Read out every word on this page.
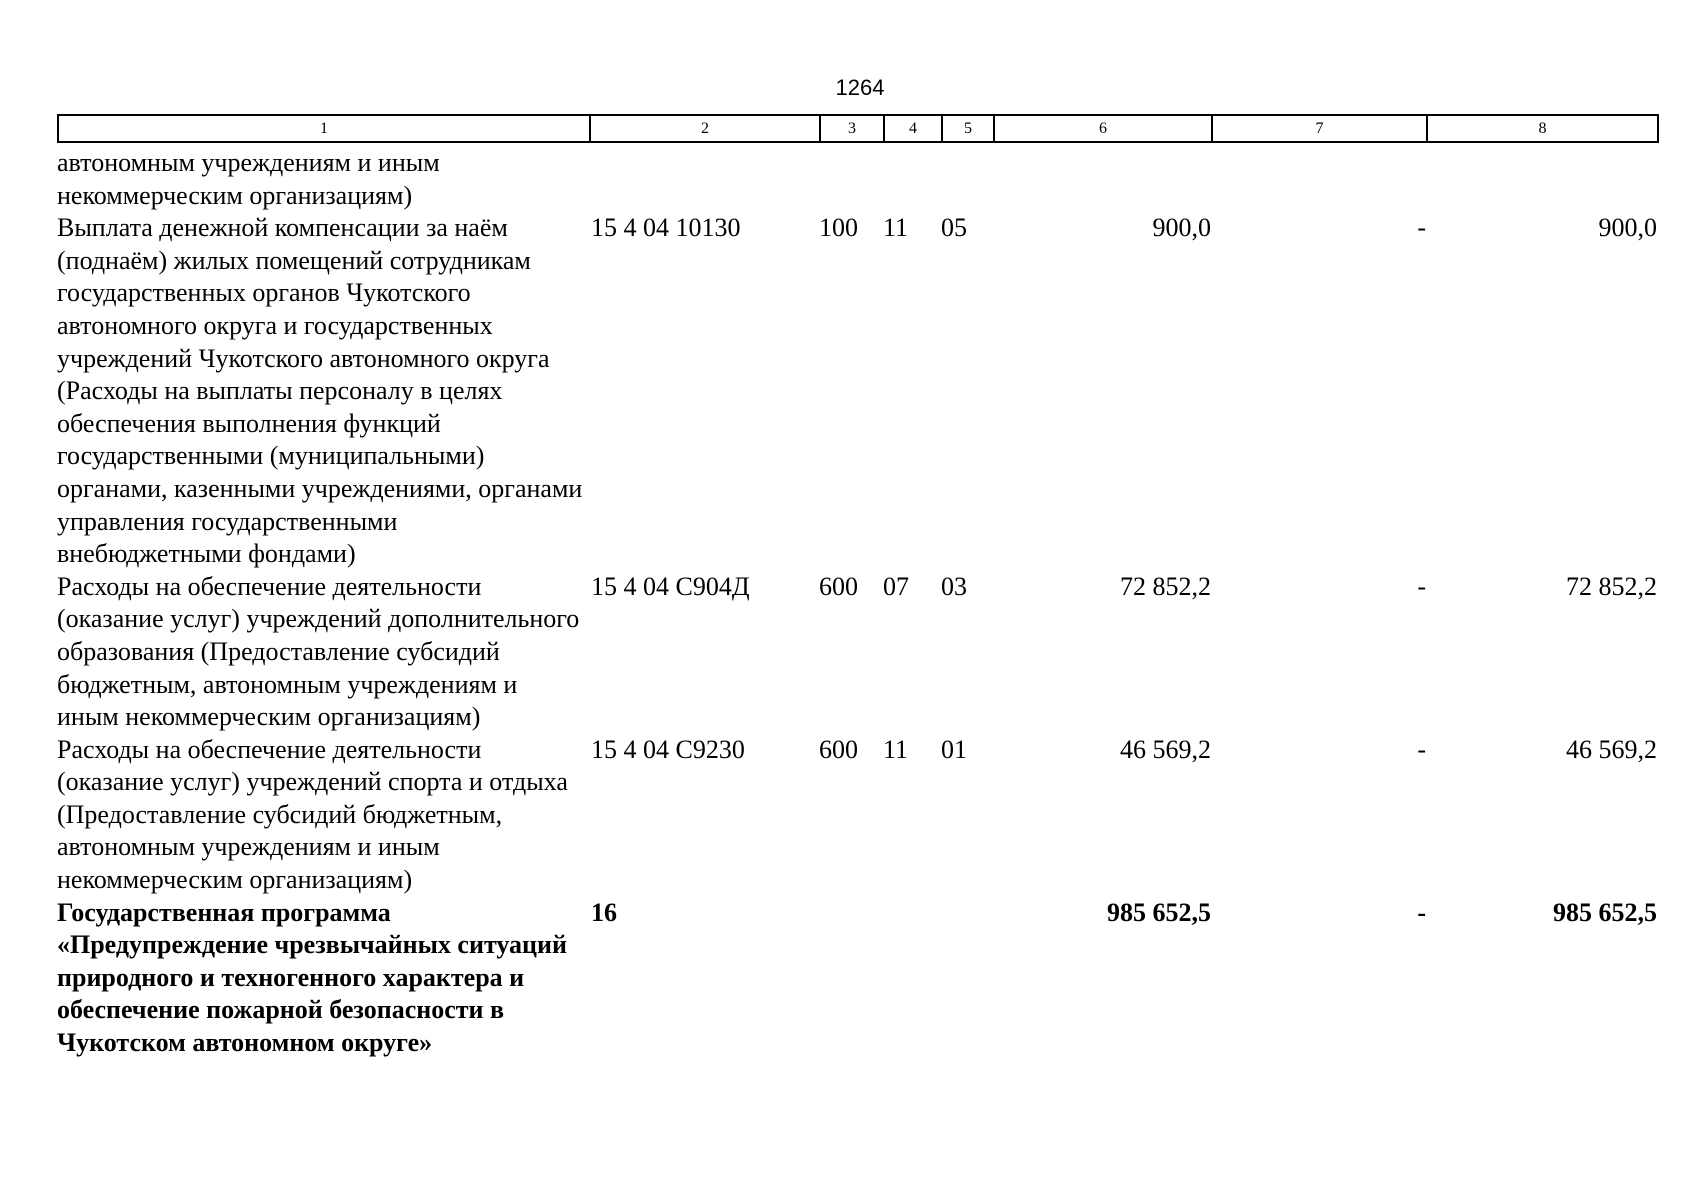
1264
1	2	3	4	5	6	7	8
автономным учреждениям и иным некоммерческим организациям)							
Выплата денежной компенсации за наём (поднаём) жилых помещений сотрудникам государственных органов Чукотского автономного округа и государственных учреждений Чукотского автономного округа (Расходы на выплаты персоналу в целях обеспечения выполнения функций государственными (муниципальными) органами, казенными учреждениями, органами управления государственными внебюджетными фондами)	15 4 04 10130	100	11	05	900,0	-	900,0
Расходы на обеспечение деятельности (оказание услуг) учреждений дополнительного образования (Предоставление субсидий бюджетным, автономным учреждениям и иным некоммерческим организациям)	15 4 04 С904Д	600	07	03	72 852,2	-	72 852,2
Расходы на обеспечение деятельности (оказание услуг) учреждений спорта и отдыха (Предоставление субсидий бюджетным, автономным учреждениям и иным некоммерческим организациям)	15 4 04 С9230	600	11	01	46 569,2	-	46 569,2
Государственная программа «Предупреждение чрезвычайных ситуаций природного и техногенного характера и обеспечение пожарной безопасности в Чукотском автономном округе»	16				985 652,5	-	985 652,5
